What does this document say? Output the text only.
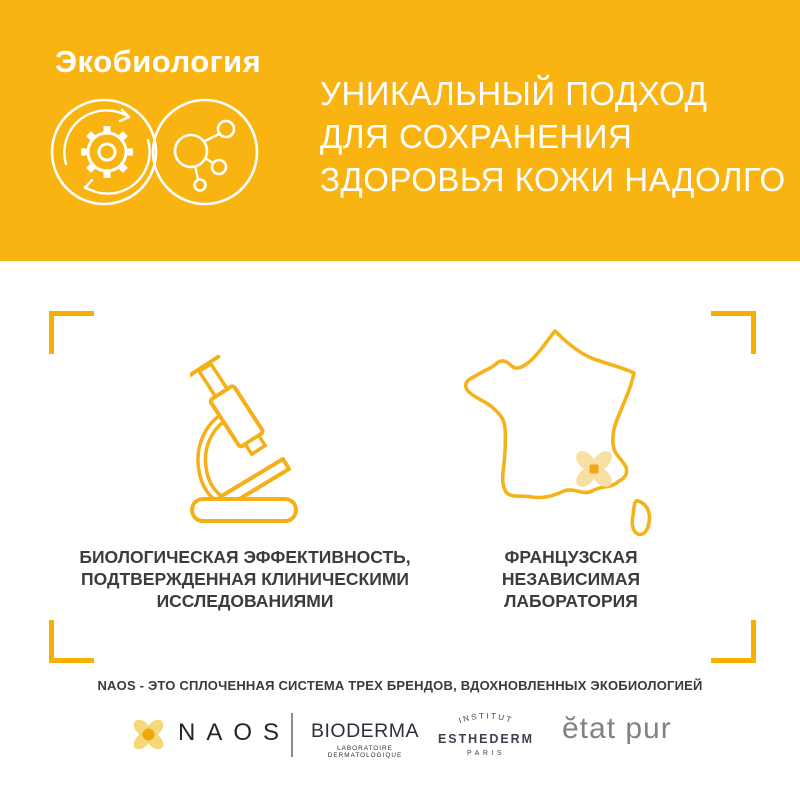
Экобиология
УНИКАЛЬНЫЙ ПОДХОД
ДЛЯ СОХРАНЕНИЯ
ЗДОРОВЬЯ КОЖИ НАДОЛГО
БИОЛОГИЧЕСКАЯ ЭФФЕКТИВНОСТЬ,
ПОДТВЕРЖДЕННАЯ КЛИНИЧЕСКИМИ
ИССЛЕДОВАНИЯМИ
ФРАНЦУЗСКАЯ
НЕЗАВИСИМАЯ
ЛАБОРАТОРИЯ
NAOS - ЭТО СПЛОЧЕННАЯ СИСТЕМА ТРЕХ БРЕНДОВ, ВДОХНОВЛЕННЫХ ЭКОБИОЛОГИЕЙ
NAOS BIODERMA
LABORATOIRE DERMATOLOGIQUE
INSTITUT
ESTHEDERM
PARIS
ĕtat pur
